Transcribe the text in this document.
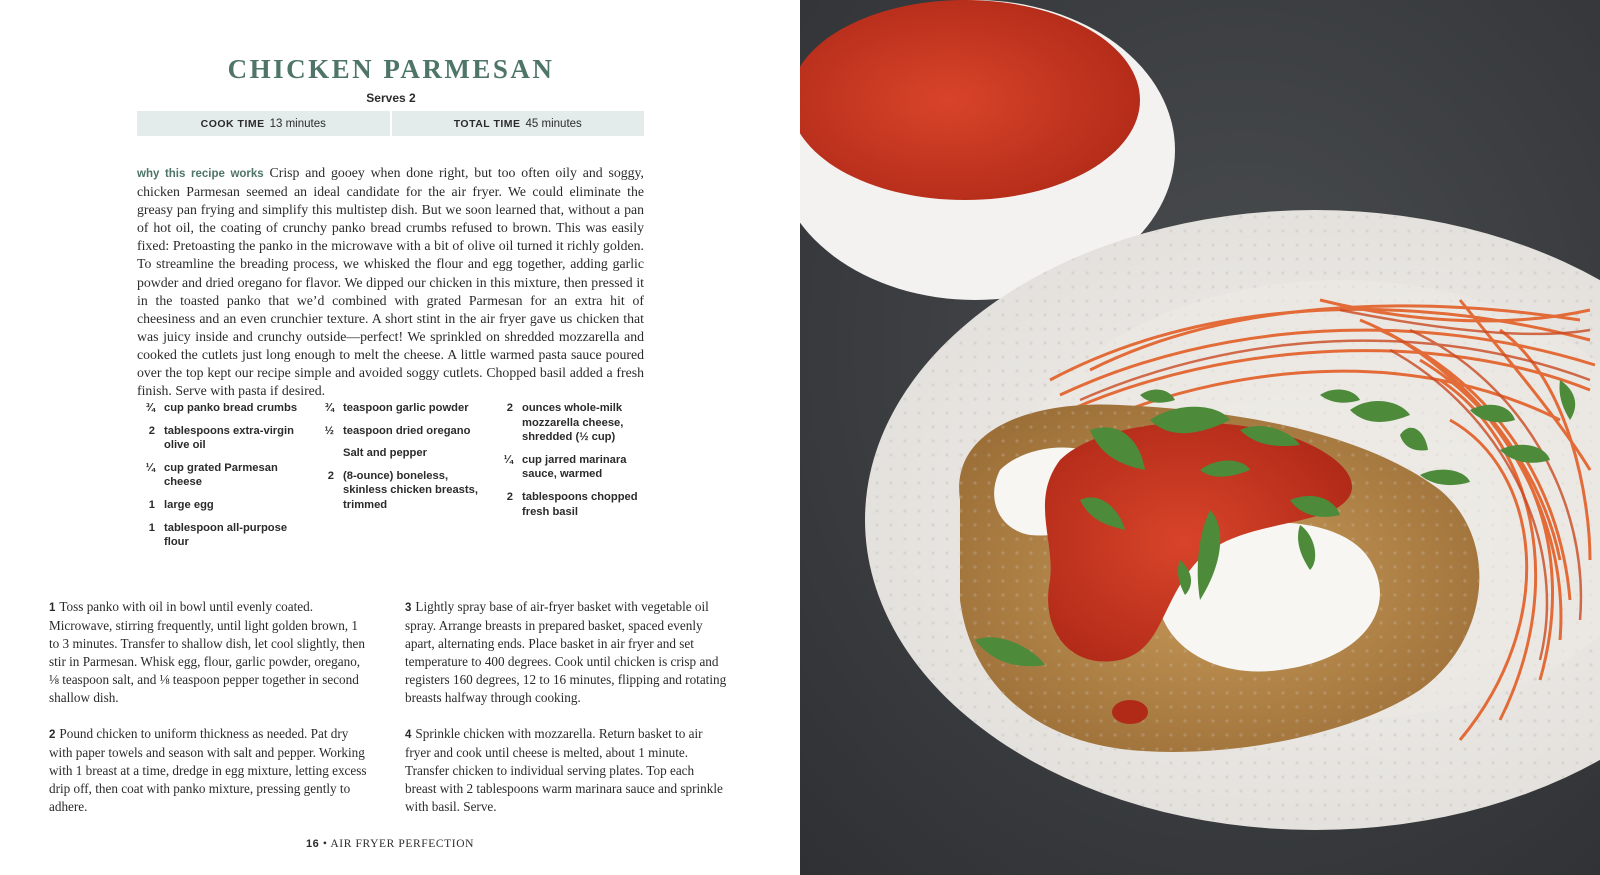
CHICKEN PARMESAN
Serves 2
COOK TIME 13 minutes	TOTAL TIME 45 minutes

why this recipe works Crisp and gooey when done right, but too often oily and soggy, chicken Parmesan seemed an ideal candidate for the air fryer. We could eliminate the greasy pan frying and simplify this multistep dish. But we soon learned that, without a pan of hot oil, the coating of crunchy panko bread crumbs refused to brown. This was easily fixed: Pretoasting the panko in the microwave with a bit of olive oil turned it richly golden. To streamline the breading process, we whisked the flour and egg together, adding garlic powder and dried oregano for flavor. We dipped our chicken in this mixture, then pressed it in the toasted panko that we’d combined with grated Parmesan for an extra hit of cheesiness and an even crunchier texture. A short stint in the air fryer gave us chicken that was juicy inside and crunchy outside—perfect! We sprinkled on shredded mozzarella and cooked the cutlets just long enough to melt the cheese. A little warmed pasta sauce poured over the top kept our recipe simple and avoided soggy cutlets. Chopped basil added a fresh finish. Serve with pasta if desired.

¾ cup panko bread crumbs
2 tablespoons extra-virgin olive oil
¼ cup grated Parmesan cheese
1 large egg
1 tablespoon all-purpose flour
¾ teaspoon garlic powder
½ teaspoon dried oregano
Salt and pepper
2 (8-ounce) boneless, skinless chicken breasts, trimmed
2 ounces whole-milk mozzarella cheese, shredded (½ cup)
¼ cup jarred marinara sauce, warmed
2 tablespoons chopped fresh basil

1 Toss panko with oil in bowl until evenly coated. Microwave, stirring frequently, until light golden brown, 1 to 3 minutes. Transfer to shallow dish, let cool slightly, then stir in Parmesan. Whisk egg, flour, garlic powder, oregano, ⅛ teaspoon salt, and ⅛ teaspoon pepper together in second shallow dish.

2 Pound chicken to uniform thickness as needed. Pat dry with paper towels and season with salt and pepper. Working with 1 breast at a time, dredge in egg mixture, letting excess drip off, then coat with panko mixture, pressing gently to adhere.

3 Lightly spray base of air-fryer basket with vegetable oil spray. Arrange breasts in prepared basket, spaced evenly apart, alternating ends. Place basket in air fryer and set temperature to 400 degrees. Cook until chicken is crisp and registers 160 degrees, 12 to 16 minutes, flipping and rotating breasts halfway through cooking.

4 Sprinkle chicken with mozzarella. Return basket to air fryer and cook until cheese is melted, about 1 minute. Transfer chicken to individual serving plates. Top each breast with 2 tablespoons warm marinara sauce and sprinkle with basil. Serve.

16 • AIR FRYER PERFECTION
